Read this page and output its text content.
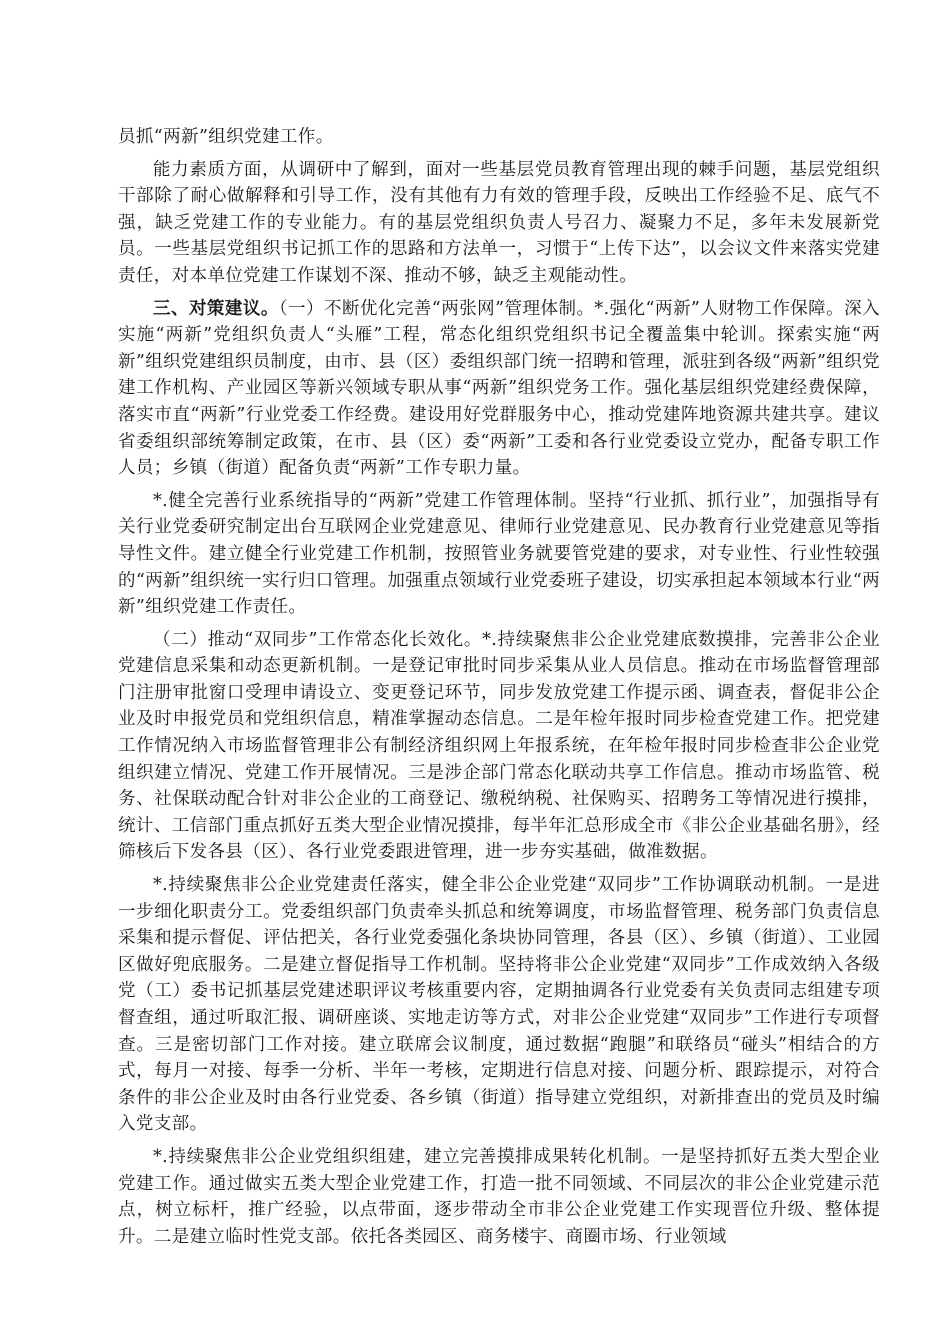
员抓“两新”组织党建工作。

能力素质方面，从调研中了解到，面对一些基层党员教育管理出现的棘手问题，基层党组织干部除了耐心做解释和引导工作，没有其他有力有效的管理手段，反映出工作经验不足、底气不强，缺乏党建工作的专业能力。有的基层党组织负责人号召力、凝聚力不足，多年未发展新党员。一些基层党组织书记抓工作的思路和方法单一，习惯于“上传下达”，以会议文件来落实党建责任，对本单位党建工作谋划不深、推动不够，缺乏主观能动性。

三、对策建议。（一）不断优化完善“两张网”管理体制。*.强化“两新”人财物工作保障。深入实施“两新”党组织负责人“头雁”工程，常态化组织党组织书记全覆盖集中轮训。探索实施“两新”组织党建组织员制度，由市、县（区）委组织部门统一招聘和管理，派驻到各级“两新”组织党建工作机构、产业园区等新兴领域专职从事“两新”组织党务工作。强化基层组织党建经费保障，落实市直“两新”行业党委工作经费。建设用好党群服务中心，推动党建阵地资源共建共享。建议省委组织部统筹制定政策，在市、县（区）委“两新”工委和各行业党委设立党办，配备专职工作人员；乡镇（街道）配备负责“两新”工作专职力量。

*.健全完善行业系统指导的“两新”党建工作管理体制。坚持“行业抓、抓行业”，加强指导有关行业党委研究制定出台互联网企业党建意见、律师行业党建意见、民办教育行业党建意见等指导性文件。建立健全行业党建工作机制，按照管业务就要管党建的要求，对专业性、行业性较强的“两新”组织统一实行归口管理。加强重点领域行业党委班子建设，切实承担起本领域本行业“两新”组织党建工作责任。

（二）推动“双同步”工作常态化长效化。*.持续聚焦非公企业党建底数摸排，完善非公企业党建信息采集和动态更新机制。一是登记审批时同步采集从业人员信息。推动在市场监督管理部门注册审批窗口受理申请设立、变更登记环节，同步发放党建工作提示函、调查表，督促非公企业及时申报党员和党组织信息，精准掌握动态信息。二是年检年报时同步检查党建工作。把党建工作情况纳入市场监督管理非公有制经济组织网上年报系统，在年检年报时同步检查非公企业党组织建立情况、党建工作开展情况。三是涉企部门常态化联动共享工作信息。推动市场监管、税务、社保联动配合针对非公企业的工商登记、缴税纳税、社保购买、招聘务工等情况进行摸排，统计、工信部门重点抓好五类大型企业情况摸排，每半年汇总形成全市《非公企业基础名册》，经筛核后下发各县（区）、各行业党委跟进管理，进一步夯实基础，做准数据。

*.持续聚焦非公企业党建责任落实，健全非公企业党建“双同步”工作协调联动机制。一是进一步细化职责分工。党委组织部门负责牵头抓总和统筹调度，市场监督管理、税务部门负责信息采集和提示督促、评估把关，各行业党委强化条块协同管理，各县（区）、乡镇（街道）、工业园区做好兜底服务。二是建立督促指导工作机制。坚持将非公企业党建“双同步”工作成效纳入各级党（工）委书记抓基层党建述职评议考核重要内容，定期抽调各行业党委有关负责同志组建专项督查组，通过听取汇报、调研座谈、实地走访等方式，对非公企业党建“双同步”工作进行专项督查。三是密切部门工作对接。建立联席会议制度，通过数据“跑腿”和联络员“碰头”相结合的方式，每月一对接、每季一分析、半年一考核，定期进行信息对接、问题分析、跟踪提示，对符合条件的非公企业及时由各行业党委、各乡镇（街道）指导建立党组织，对新排查出的党员及时编入党支部。

*.持续聚焦非公企业党组织组建，建立完善摸排成果转化机制。一是坚持抓好五类大型企业党建工作。通过做实五类大型企业党建工作，打造一批不同领域、不同层次的非公企业党建示范点，树立标杆，推广经验，以点带面，逐步带动全市非公企业党建工作实现晋位升级、整体提升。二是建立临时性党支部。依托各类园区、商务楼宇、商圈市场、行业领域
